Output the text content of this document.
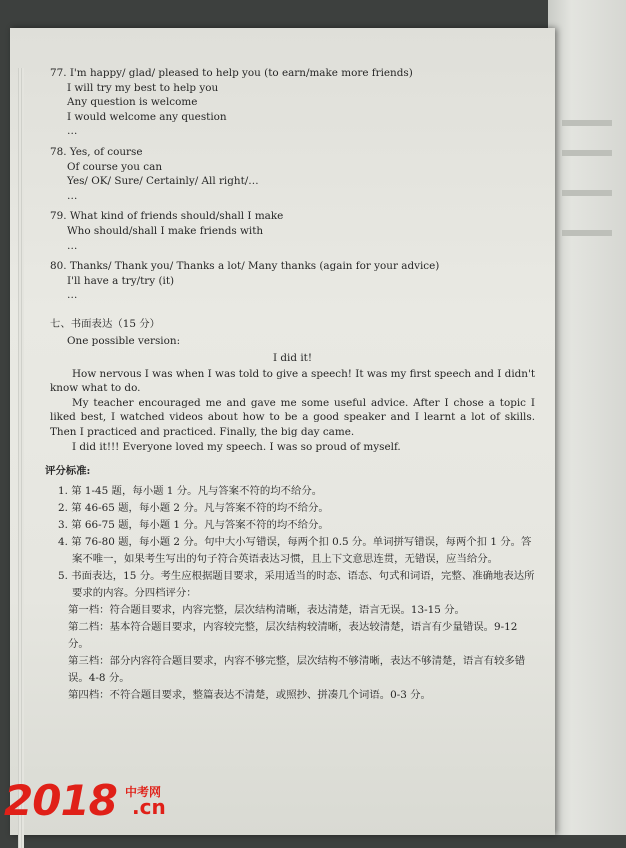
77. I'm happy/ glad/ pleased to help you (to earn/make more friends)

I will try my best to help you

Any question is welcome

I would welcome any question

…

78. Yes, of course

Of course you can

Yes/ OK/ Sure/ Certainly/ All right/…

…

79. What kind of friends should/shall I make

Who should/shall I make friends with

…

80. Thanks/ Thank you/ Thanks a lot/ Many thanks (again for your advice)

I'll have a try/try (it)

…

七、书面表达（15 分）

One possible version:

I did it!

How nervous I was when I was told to give a speech! It was my first speech and I didn't know what to do.

My teacher encouraged me and gave me some useful advice. After I chose a topic I liked best, I watched videos about how to be a good speaker and I learnt a lot of skills. Then I practiced and practiced. Finally, the big day came.

I did it!!! Everyone loved my speech. I was so proud of myself.

评分标准:

1. 第 1-45 题，每小题 1 分。凡与答案不符的均不给分。

2. 第 46-65 题，每小题 2 分。凡与答案不符的均不给分。

3. 第 66-75 题，每小题 1 分。凡与答案不符的均不给分。

4. 第 76-80 题，每小题 2 分。句中大小写错误，每两个扣 0.5 分。单词拼写错误，每两个扣 1 分。答案不唯一，如果考生写出的句子符合英语表达习惯，且上下文意思连贯，无错误，应当给分。

5. 书面表达，15 分。考生应根据题目要求，采用适当的时态、语态、句式和词语，完整、准确地表达所要求的内容。分四档评分：

第一档：符合题目要求，内容完整，层次结构清晰，表达清楚，语言无误。13-15 分。

第二档：基本符合题目要求，内容较完整，层次结构较清晰，表达较清楚，语言有少量错误。9-12 分。

第三档：部分内容符合题目要求，内容不够完整，层次结构不够清晰，表达不够清楚，语言有较多错误。4-8 分。

第四档：不符合题目要求，整篇表达不清楚，或照抄、拼凑几个词语。0-3 分。

2018 中考网
.cn
